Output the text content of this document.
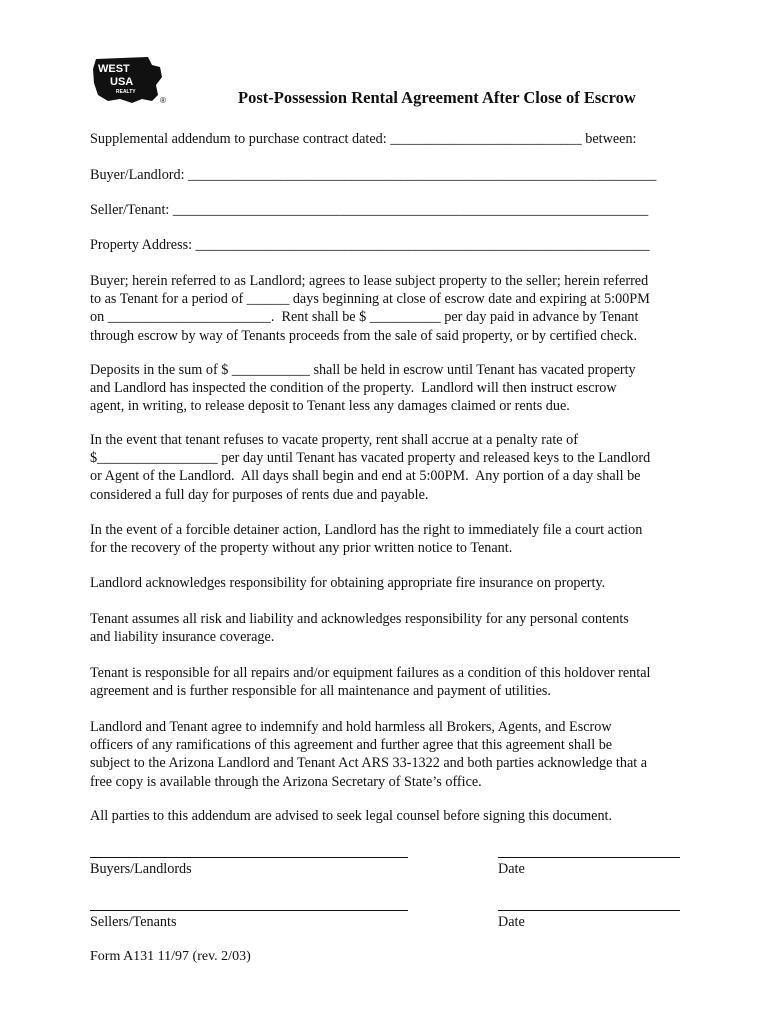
WEST
USA
REALTY
®	Post-Possession Rental Agreement After Close of Escrow

Supplemental addendum to purchase contract dated: ___________________________ between:

Buyer/Landlord: __________________________________________________________________

Seller/Tenant: ___________________________________________________________________

Property Address: ________________________________________________________________

Buyer; herein referred to as Landlord; agrees to lease subject property to the seller; herein referred
to as Tenant for a period of ______ days beginning at close of escrow date and expiring at 5:00PM
on _______________________.  Rent shall be $ __________ per day paid in advance by Tenant
through escrow by way of Tenants proceeds from the sale of said property, or by certified check.

Deposits in the sum of $ ___________ shall be held in escrow until Tenant has vacated property
and Landlord has inspected the condition of the property.  Landlord will then instruct escrow
agent, in writing, to release deposit to Tenant less any damages claimed or rents due.

In the event that tenant refuses to vacate property, rent shall accrue at a penalty rate of
$_________________ per day until Tenant has vacated property and released keys to the Landlord
or Agent of the Landlord.  All days shall begin and end at 5:00PM.  Any portion of a day shall be
considered a full day for purposes of rents due and payable.

In the event of a forcible detainer action, Landlord has the right to immediately file a court action
for the recovery of the property without any prior written notice to Tenant.

Landlord acknowledges responsibility for obtaining appropriate fire insurance on property.

Tenant assumes all risk and liability and acknowledges responsibility for any personal contents
and liability insurance coverage.

Tenant is responsible for all repairs and/or equipment failures as a condition of this holdover rental
agreement and is further responsible for all maintenance and payment of utilities.

Landlord and Tenant agree to indemnify and hold harmless all Brokers, Agents, and Escrow
officers of any ramifications of this agreement and further agree that this agreement shall be
subject to the Arizona Landlord and Tenant Act ARS 33-1322 and both parties acknowledge that a
free copy is available through the Arizona Secretary of State’s office.

All parties to this addendum are advised to seek legal counsel before signing this document.

Buyers/Landlords	Date

Sellers/Tenants	Date

Form A131 11/97 (rev. 2/03)
